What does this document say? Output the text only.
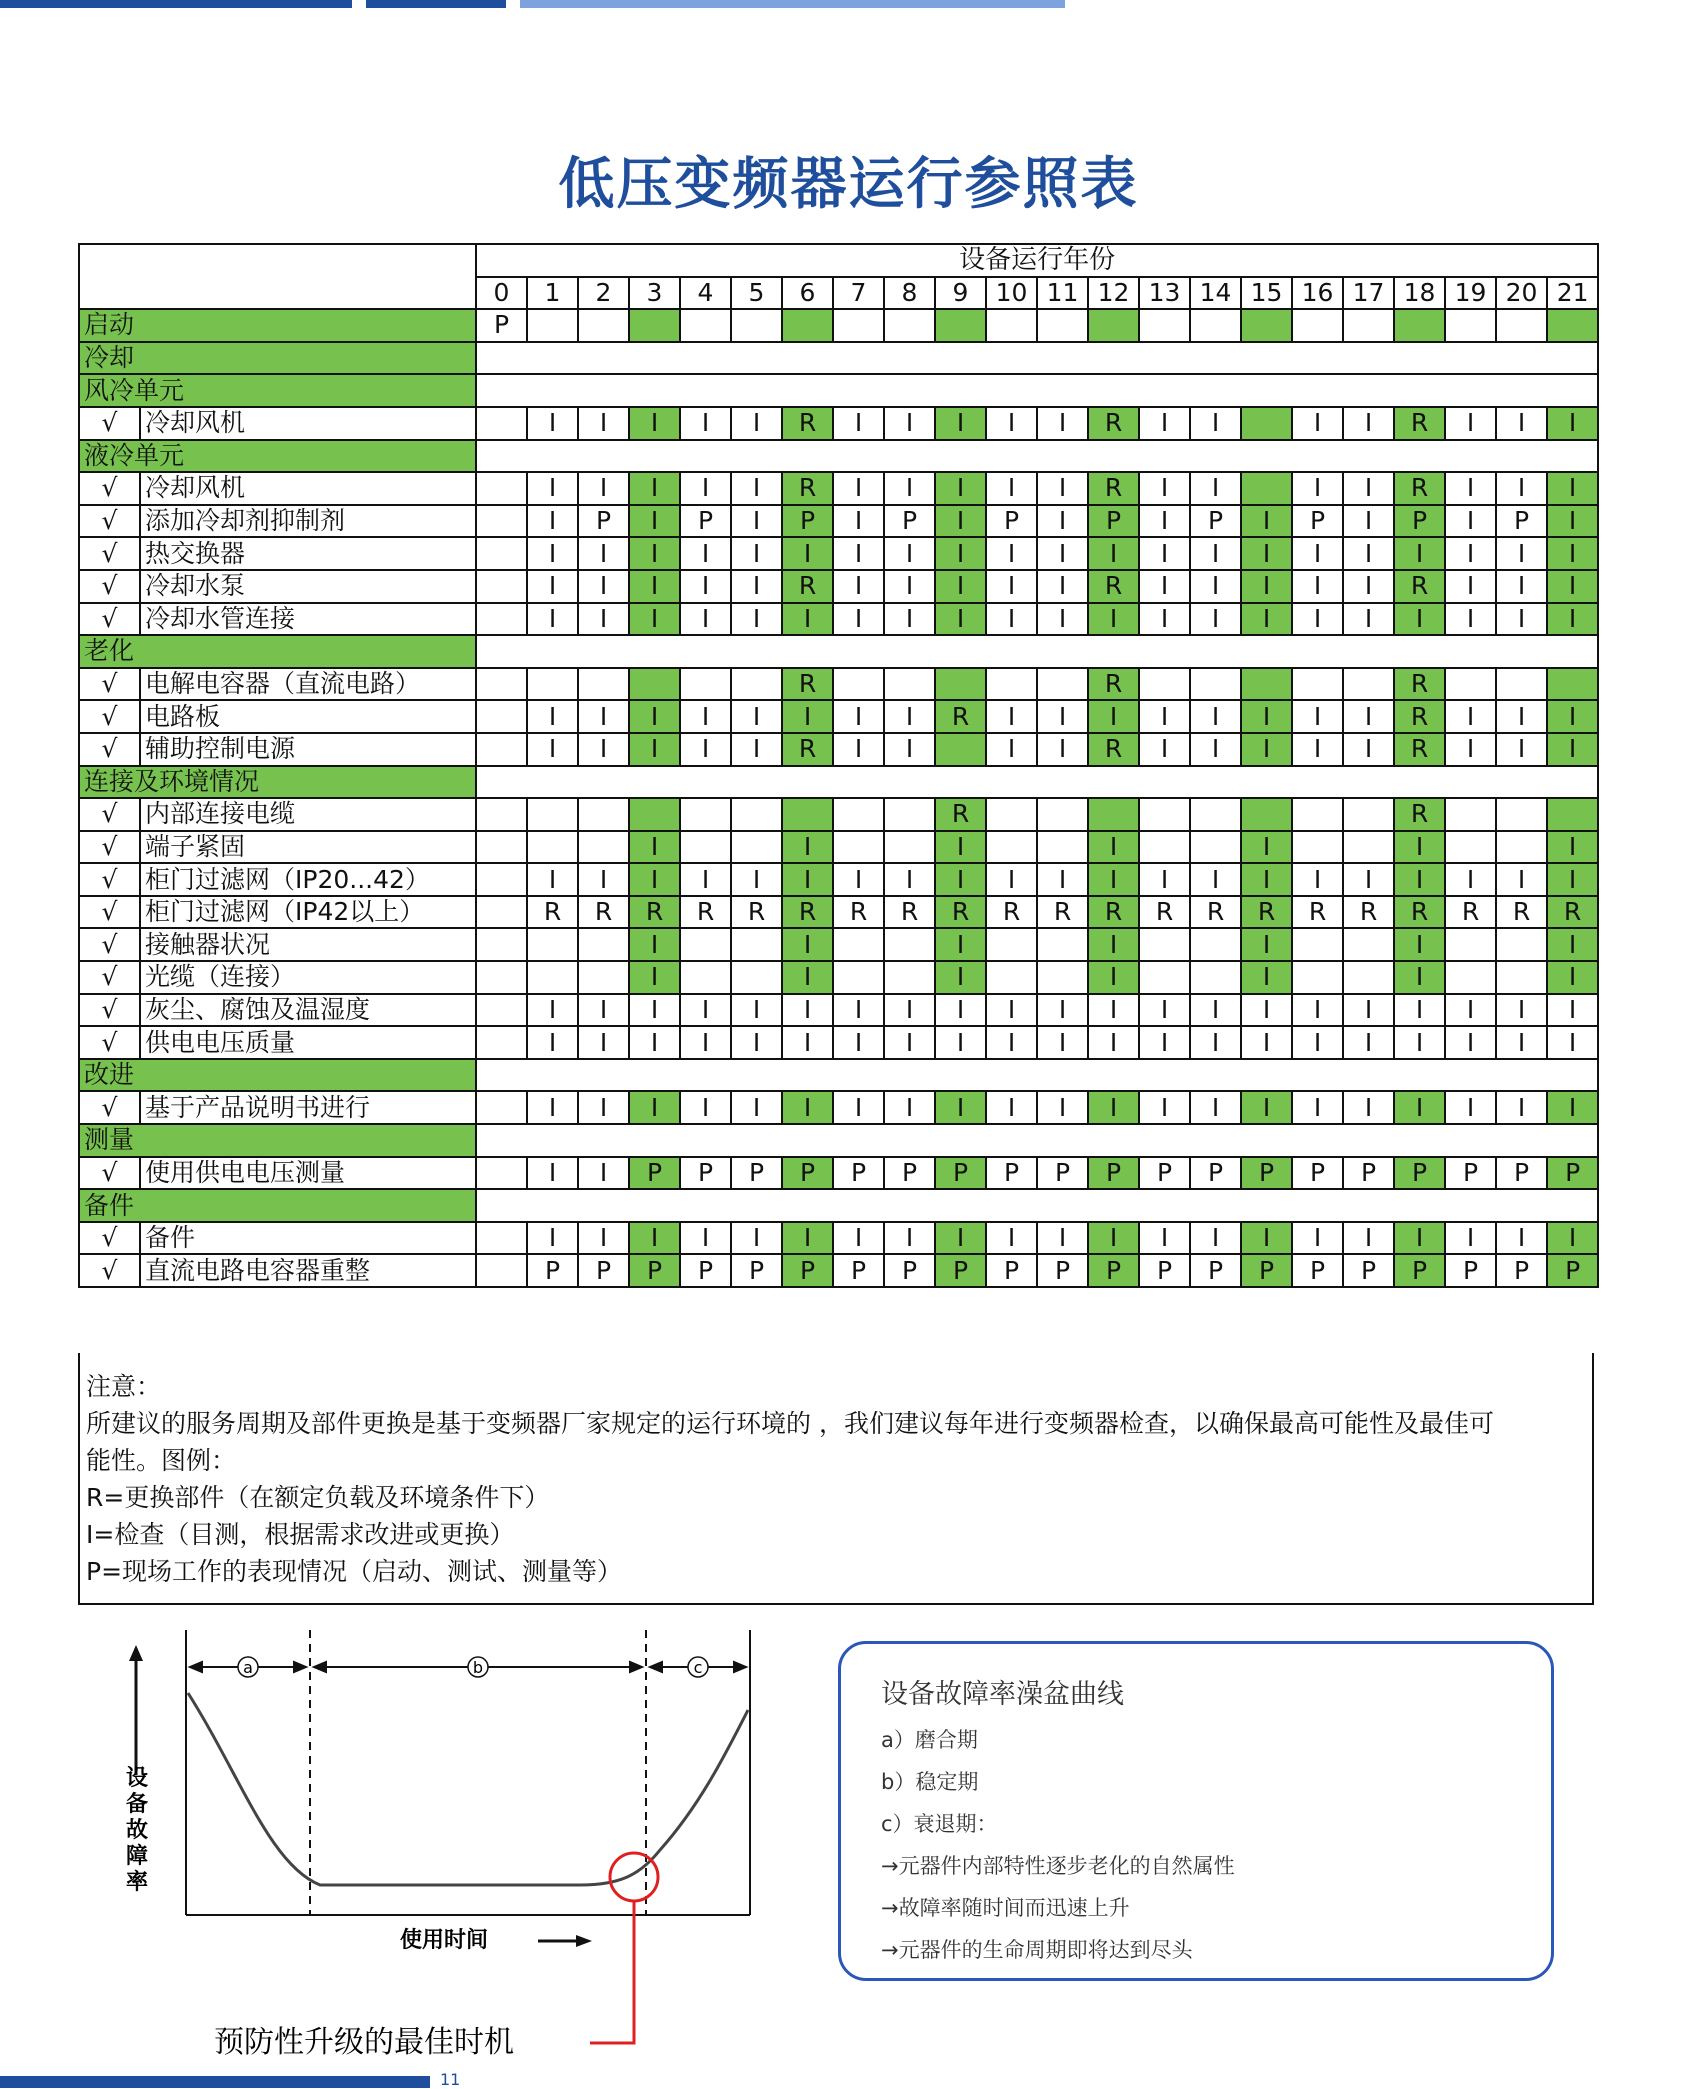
低压变频器运行参照表
		设备运行年份																					
		0	1	2	3	4	5	6	7	8	9	10	11	12	13	14	15	16	17	18	19	20	21
启动		P																					
冷却																							
风冷单元																							
√	冷却风机		I	I	I	I	I	R	I	I	I	I	I	R	I	I		I	I	R	I	I	I
液冷单元																							
√	冷却风机		I	I	I	I	I	R	I	I	I	I	I	R	I	I		I	I	R	I	I	I
√	添加冷却剂抑制剂		I	P	I	P	I	P	I	P	I	P	I	P	I	P	I	P	I	P	I	P	I
√	热交换器		I	I	I	I	I	I	I	I	I	I	I	I	I	I	I	I	I	I	I	I	I
√	冷却水泵		I	I	I	I	I	R	I	I	I	I	I	R	I	I	I	I	I	R	I	I	I
√	冷却水管连接		I	I	I	I	I	I	I	I	I	I	I	I	I	I	I	I	I	I	I	I	I
老化																							
√	电解电容器（直流电路）							R						R						R			
√	电路板		I	I	I	I	I	I	I	I	R	I	I	I	I	I	I	I	I	R	I	I	I
√	辅助控制电源		I	I	I	I	I	R	I	I		I	I	R	I	I	I	I	I	R	I	I	I
连接及环境情况																							
√	内部连接电缆										R									R			
√	端子紧固				I			I			I			I			I			I			I
√	柜门过滤网（IP20...42）		I	I	I	I	I	I	I	I	I	I	I	I	I	I	I	I	I	I	I	I	I
√	柜门过滤网（IP42以上）		R	R	R	R	R	R	R	R	R	R	R	R	R	R	R	R	R	R	R	R	R
√	接触器状况				I			I			I			I			I			I			I
√	光缆（连接）				I			I			I			I			I			I			I
√	灰尘、腐蚀及温湿度		I	I	I	I	I	I	I	I	I	I	I	I	I	I	I	I	I	I	I	I	I
√	供电电压质量		I	I	I	I	I	I	I	I	I	I	I	I	I	I	I	I	I	I	I	I	I
改进																							
√	基于产品说明书进行		I	I	I	I	I	I	I	I	I	I	I	I	I	I	I	I	I	I	I	I	I
测量																							
√	使用供电电压测量		I	I	P	P	P	P	P	P	P	P	P	P	P	P	P	P	P	P	P	P	P
备件																							
√	备件		I	I	I	I	I	I	I	I	I	I	I	I	I	I	I	I	I	I	I	I	I
√	直流电路电容器重整		P	P	P	P	P	P	P	P	P	P	P	P	P	P	P	P	P	P	P	P	P
注意：
所建议的服务周期及部件更换是基于变频器厂家规定的运行环境的 ，我们建议每年进行变频器检查，以确保最高可能性及最佳可
能性。图例：
R=更换部件（在额定负载及环境条件下）
I=检查（目测，根据需求改进或更换）
P=现场工作的表现情况（启动、测试、测量等）
设 备 故 障 率
a	b	c
使用时间
预防性升级的最佳时机
设备故障率澡盆曲线
a）磨合期
b）稳定期
c）衰退期：
→元器件内部特性逐步老化的自然属性
→故障率随时间而迅速上升
→元器件的生命周期即将达到尽头
11
